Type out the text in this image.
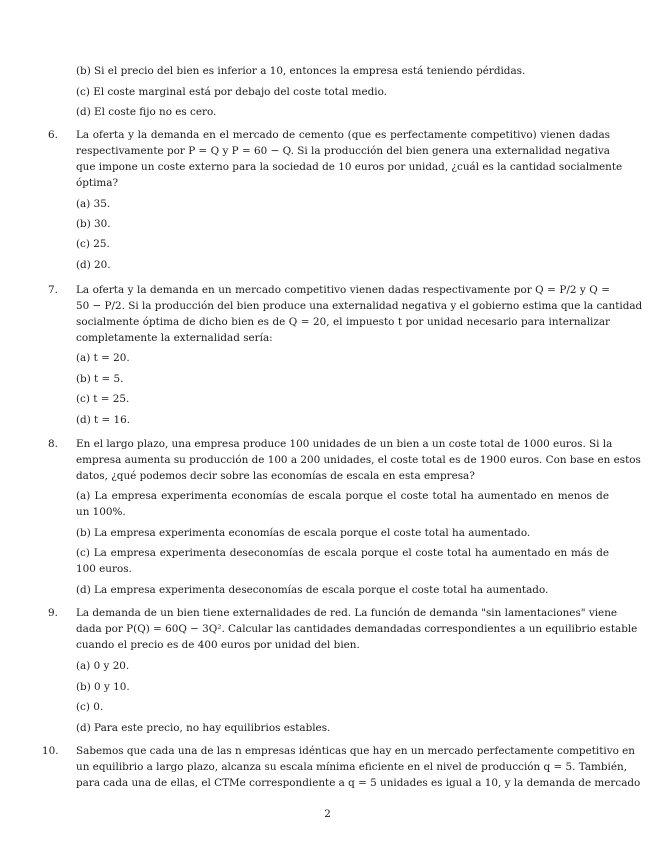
(b) Si el precio del bien es inferior a 10, entonces la empresa está teniendo pérdidas.
(c) El coste marginal está por debajo del coste total medio.
(d) El coste fijo no es cero.
6.	La oferta y la demanda en el mercado de cemento (que es perfectamente competitivo) vienen dadas
respectivamente por P = Q y P = 60 − Q. Si la producción del bien genera una externalidad negativa
que impone un coste externo para la sociedad de 10 euros por unidad, ¿cuál es la cantidad socialmente
óptima?
(a) 35.
(b) 30.
(c) 25.
(d) 20.
7.	La oferta y la demanda en un mercado competitivo vienen dadas respectivamente por Q = P/2 y Q =
50 − P/2. Si la producción del bien produce una externalidad negativa y el gobierno estima que la cantidad
socialmente óptima de dicho bien es de Q = 20, el impuesto t por unidad necesario para internalizar
completamente la externalidad sería:
(a) t = 20.
(b) t = 5.
(c) t = 25.
(d) t = 16.
8.	En el largo plazo, una empresa produce 100 unidades de un bien a un coste total de 1000 euros. Si la
empresa aumenta su producción de 100 a 200 unidades, el coste total es de 1900 euros. Con base en estos
datos, ¿qué podemos decir sobre las economías de escala en esta empresa?
(a) La empresa experimenta economías de escala porque el coste total ha aumentado en menos de un 100%.
(b) La empresa experimenta economías de escala porque el coste total ha aumentado.
(c) La empresa experimenta deseconomías de escala porque el coste total ha aumentado en más de 100 euros.
(d) La empresa experimenta deseconomías de escala porque el coste total ha aumentado.
9.	La demanda de un bien tiene externalidades de red. La función de demanda "sin lamentaciones" viene
dada por P(Q) = 60Q − 3Q². Calcular las cantidades demandadas correspondientes a un equilibrio estable
cuando el precio es de 400 euros por unidad del bien.
(a) 0 y 20.
(b) 0 y 10.
(c) 0.
(d) Para este precio, no hay equilibrios estables.
10.	Sabemos que cada una de las n empresas idénticas que hay en un mercado perfectamente competitivo en
un equilibrio a largo plazo, alcanza su escala mínima eficiente en el nivel de producción q = 5. También,
para cada una de ellas, el CTMe correspondiente a q = 5 unidades es igual a 10, y la demanda de mercado
2
